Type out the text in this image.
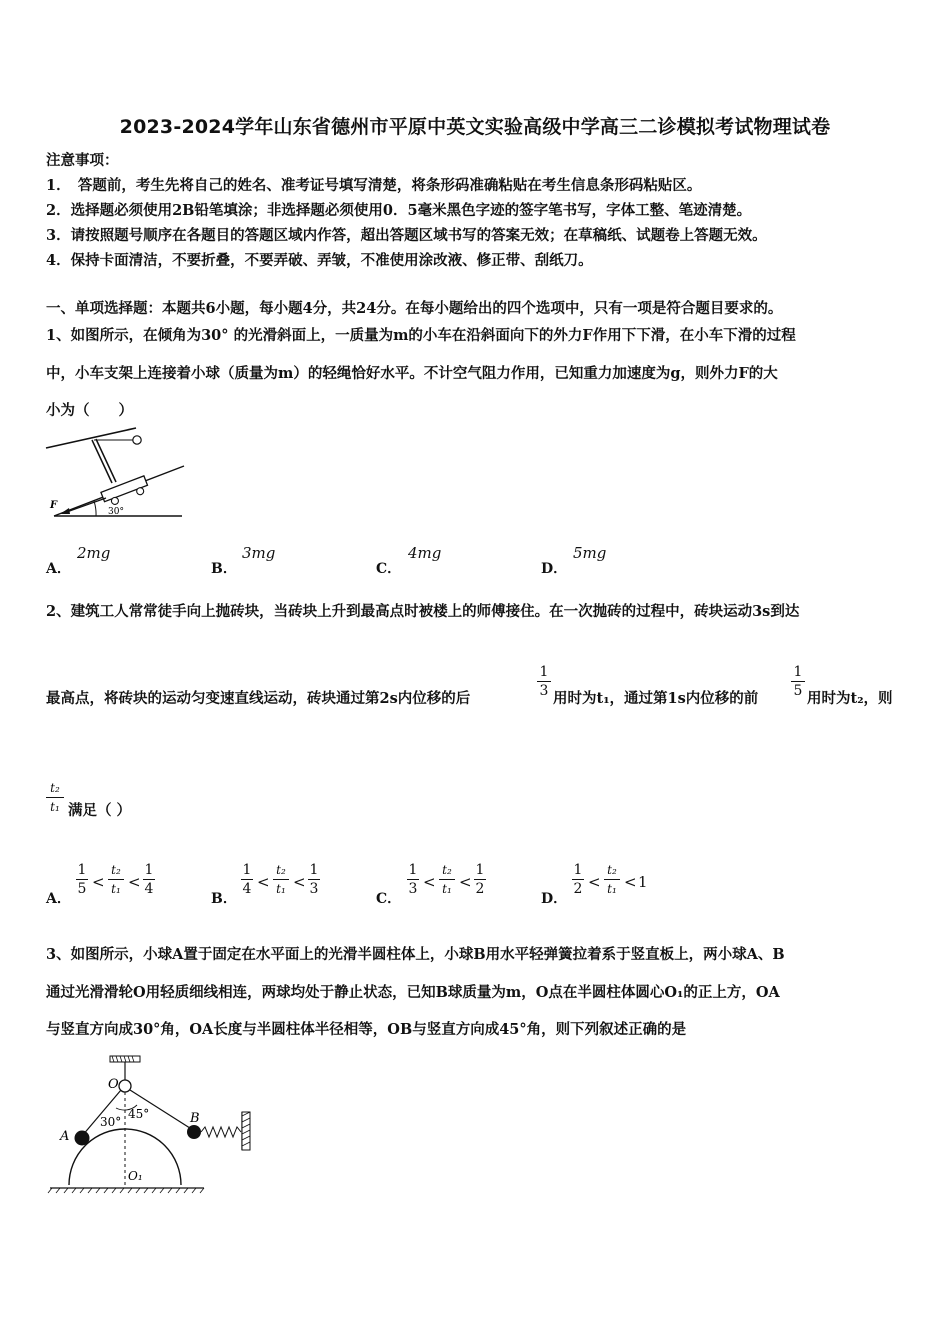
2023-2024学年山东省德州市平原中英文实验高级中学高三二诊模拟考试物理试卷
注意事项：
1．　答题前，考生先将自己的姓名、准考证号填写清楚，将条形码准确粘贴在考生信息条形码粘贴区。
2．选择题必须使用2B铅笔填涂；非选择题必须使用0．5毫米黑色字迹的签字笔书写，字体工整、笔迹清楚。
3．请按照题号顺序在各题目的答题区域内作答，超出答题区域书写的答案无效；在草稿纸、试题卷上答题无效。
4．保持卡面清洁，不要折叠，不要弄破、弄皱，不准使用涂改液、修正带、刮纸刀。
一、单项选择题：本题共6小题，每小题4分，共24分。在每小题给出的四个选项中，只有一项是符合题目要求的。
1、如图所示，在倾角为30° 的光滑斜面上，一质量为m的小车在沿斜面向下的外力F作用下下滑，在小车下滑的过程
中，小车支架上连接着小球（质量为m）的轻绳恰好水平。不计空气阻力作用，已知重力加速度为g，则外力F的大
小为（　　）
F
30°
A．
2mg
B．
3mg
C．
4mg
D．
5mg
2、建筑工人常常徒手向上抛砖块，当砖块上升到最高点时被楼上的师傅接住。在一次抛砖的过程中，砖块运动3s到达
最高点，将砖块的运动匀变速直线运动，砖块通过第2s内位移的后
1
3 用时为t₁，通过第1s内位移的前
1
5 用时为t₂，则
t₂
t₁ 满足（ ）
A．
1
5 <
t₂
t₁ <
1
4
B．
1
4 <
t₂
t₁ <
1
3
C．
1
3 <
t₂
t₁ <
1
2
D．
1
2 <
t₂
t₁ < 1
3、如图所示，小球A置于固定在水平面上的光滑半圆柱体上，小球B用水平轻弹簧拉着系于竖直板上，两小球A、B
通过光滑滑轮O用轻质细线相连，两球均处于静止状态，已知B球质量为m，O点在半圆柱体圆心O₁的正上方，OA
与竖直方向成30°角，OA长度与半圆柱体半径相等，OB与竖直方向成45°角，则下列叙述正确的是
O
30°
45°
A
B
O₁
